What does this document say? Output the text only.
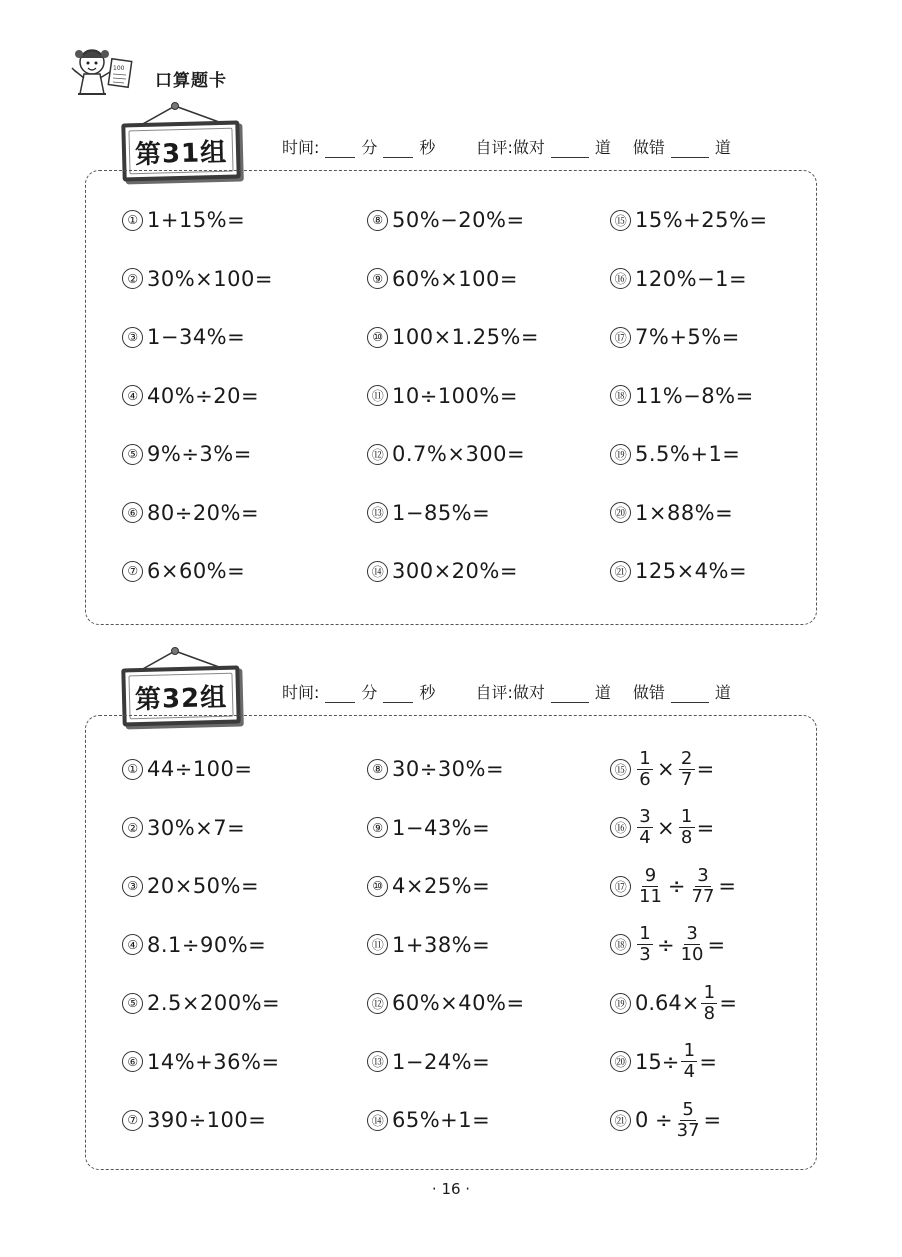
100
口算题卡
第31组	时间:	分	秒	自评:做对	道 做错	道
① 1+15%=	⑧ 50%−20%=	⑮ 15%+25%=
② 30%×100=	⑨ 60%×100=	⑯ 120%−1=
③ 1−34%=	⑩ 100×1.25%=	⑰ 7%+5%=
④ 40%÷20=	⑪ 10÷100%=	⑱ 11%−8%=
⑤ 9%÷3%=	⑫ 0.7%×300=	⑲ 5.5%+1=
⑥ 80÷20%=	⑬ 1−85%=	⑳ 1×88%=
⑦ 6×60%=	⑭ 300×20%=	㉑ 125×4%=
第32组	时间:	分	秒	自评:做对	道 做错	道
① 44÷100=	⑧ 30÷30%=	⑮ $\frac{1}{6} \times \frac{2}{7}$ =
② 30%×7=	⑨ 1−43%=	⑯ $\frac{3}{4} \times \frac{1}{8}$ =
③ 20×50%=	⑩ 4×25%=	⑰ $\frac{9}{11} \div \frac{3}{77}$ =
④ 8.1÷90%=	⑪ 1+38%=	⑱ $\frac{1}{3} \div \frac{3}{10}$ =
⑤ 2.5×200%=	⑫ 60%×40%=	⑲ $0.64\times \frac{1}{8}$ =
⑥ 14%+36%=	⑬ 1−24%=	⑳ $15\div \frac{1}{4}$ =
⑦ 390÷100=	⑭ 65%+1=	㉑ $0 \div \frac{5}{37}$ =
· 16 ·
